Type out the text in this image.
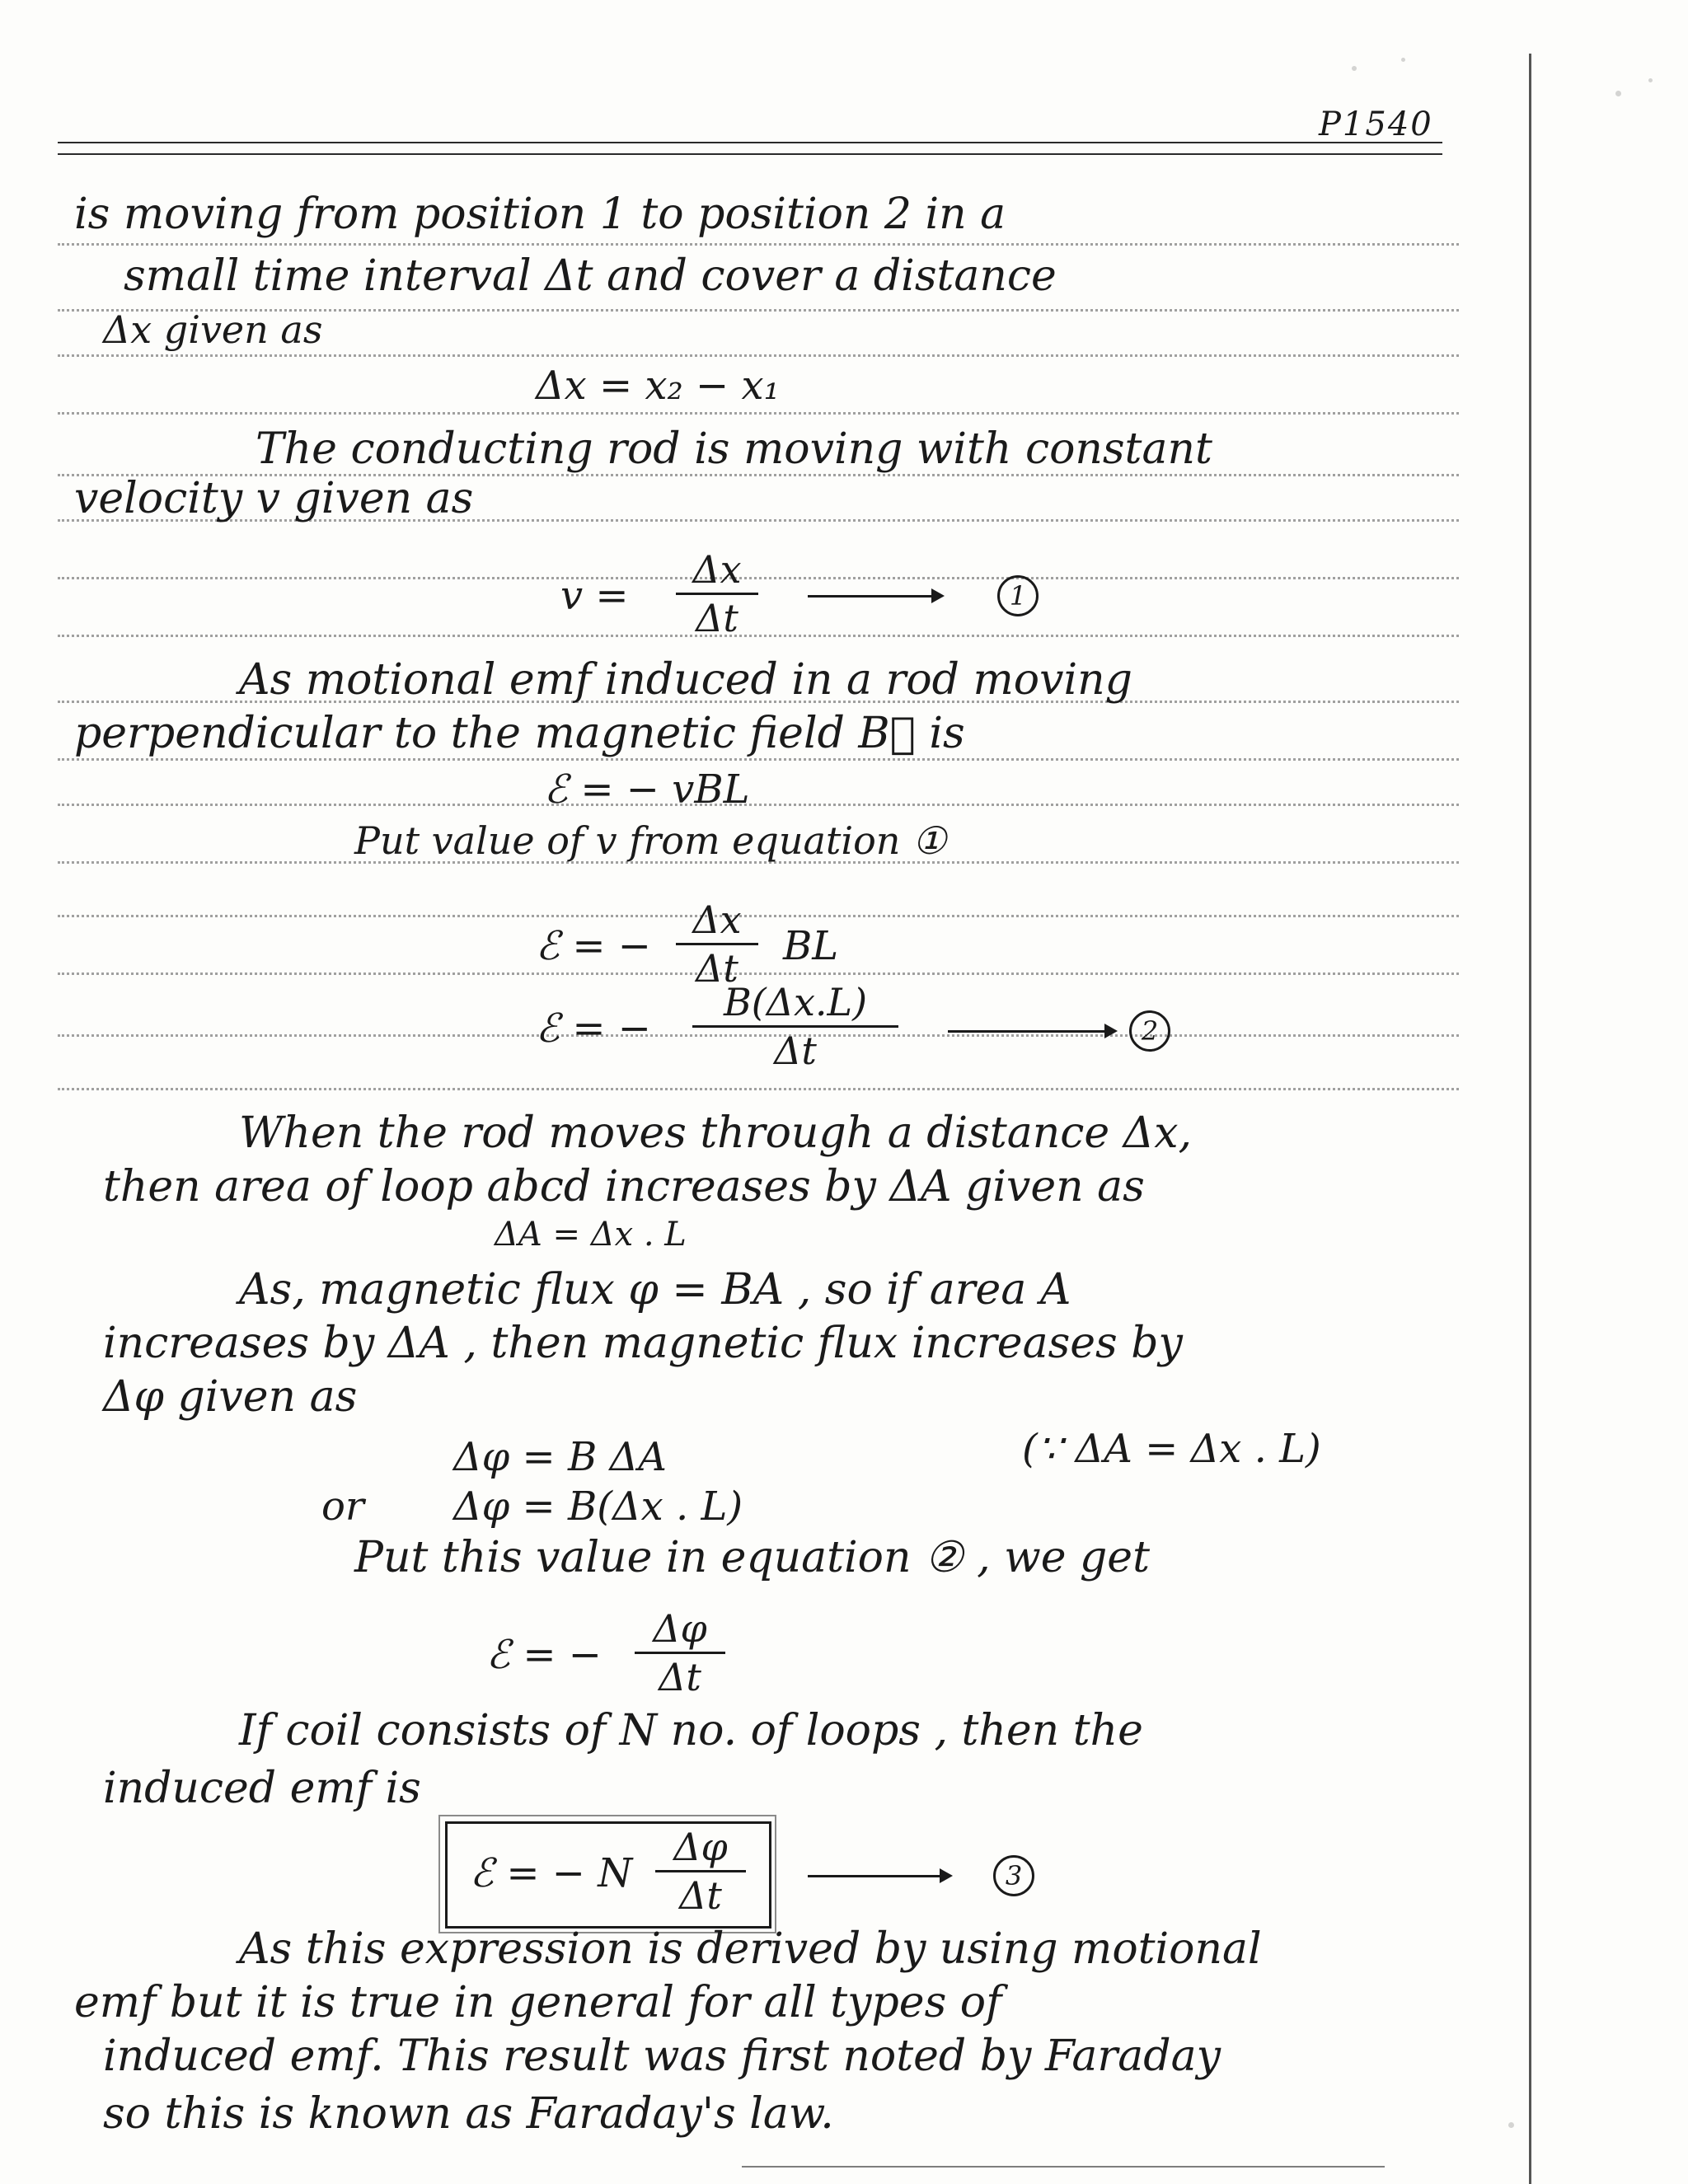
P1540
is moving from position 1 to position 2 in a
small time interval Δt and cover a distance
Δx given as
Δx = x₂ − x₁
The conducting rod is moving with constant
velocity v given as
v =
Δx
Δt	1
As motional emf induced in a rod moving
perpendicular to the magnetic field B⃗ is
ℰ = − vBL
Put value of v from equation ①
ℰ = −
Δx
Δt	BL
ℰ = −
B(Δx.L)
Δt	2
When the rod moves through a distance Δx,
then area of loop abcd increases by ΔA given as
ΔA = Δx . L
As, magnetic flux φ = BA , so if area A
increases by ΔA , then magnetic flux increases by
Δφ given as
Δφ = B ΔA	(∵ ΔA = Δx . L)
or Δφ = B(Δx . L)
Put this value in equation ② , we get
ℰ = −
Δφ
Δt
If coil consists of N no. of loops , then the
induced emf is
ℰ = − N
Δφ
Δt	3
As this expression is derived by using motional
emf but it is true in general for all types of
induced emf. This result was first noted by Faraday
so this is known as Faraday's law.
